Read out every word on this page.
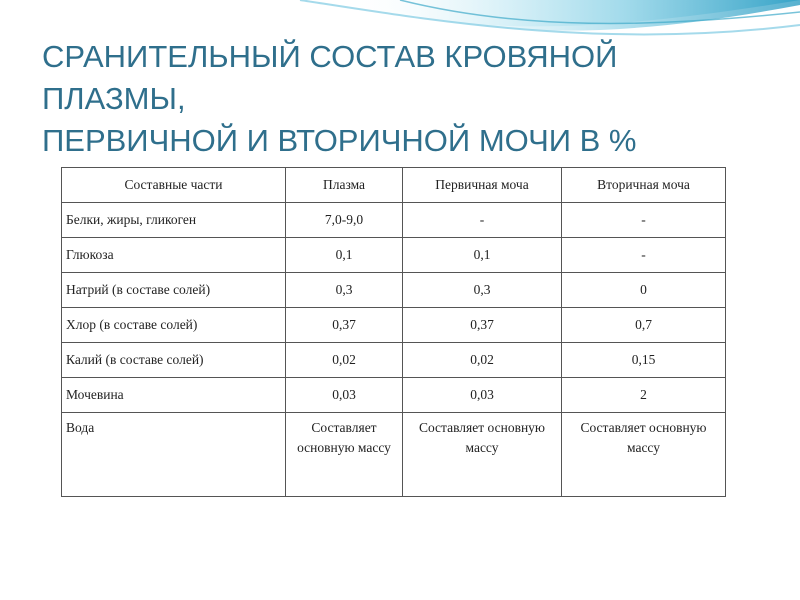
СРАНИТЕЛЬНЫЙ СОСТАВ КРОВЯНОЙ
ПЛАЗМЫ,
ПЕРВИЧНОЙ И ВТОРИЧНОЙ МОЧИ В %
Составные части	Плазма	Первичная моча	Вторичная моча
Белки, жиры, гликоген	7,0-9,0	-	-
Глюкоза	0,1	0,1	-
Натрий (в составе солей)	0,3	0,3	0
Хлор (в составе солей)	0,37	0,37	0,7
Калий (в составе солей)	0,02	0,02	0,15
Мочевина	0,03	0,03	2
Вода	Составляет основную массу	Составляет основную массу	Составляет основную массу
